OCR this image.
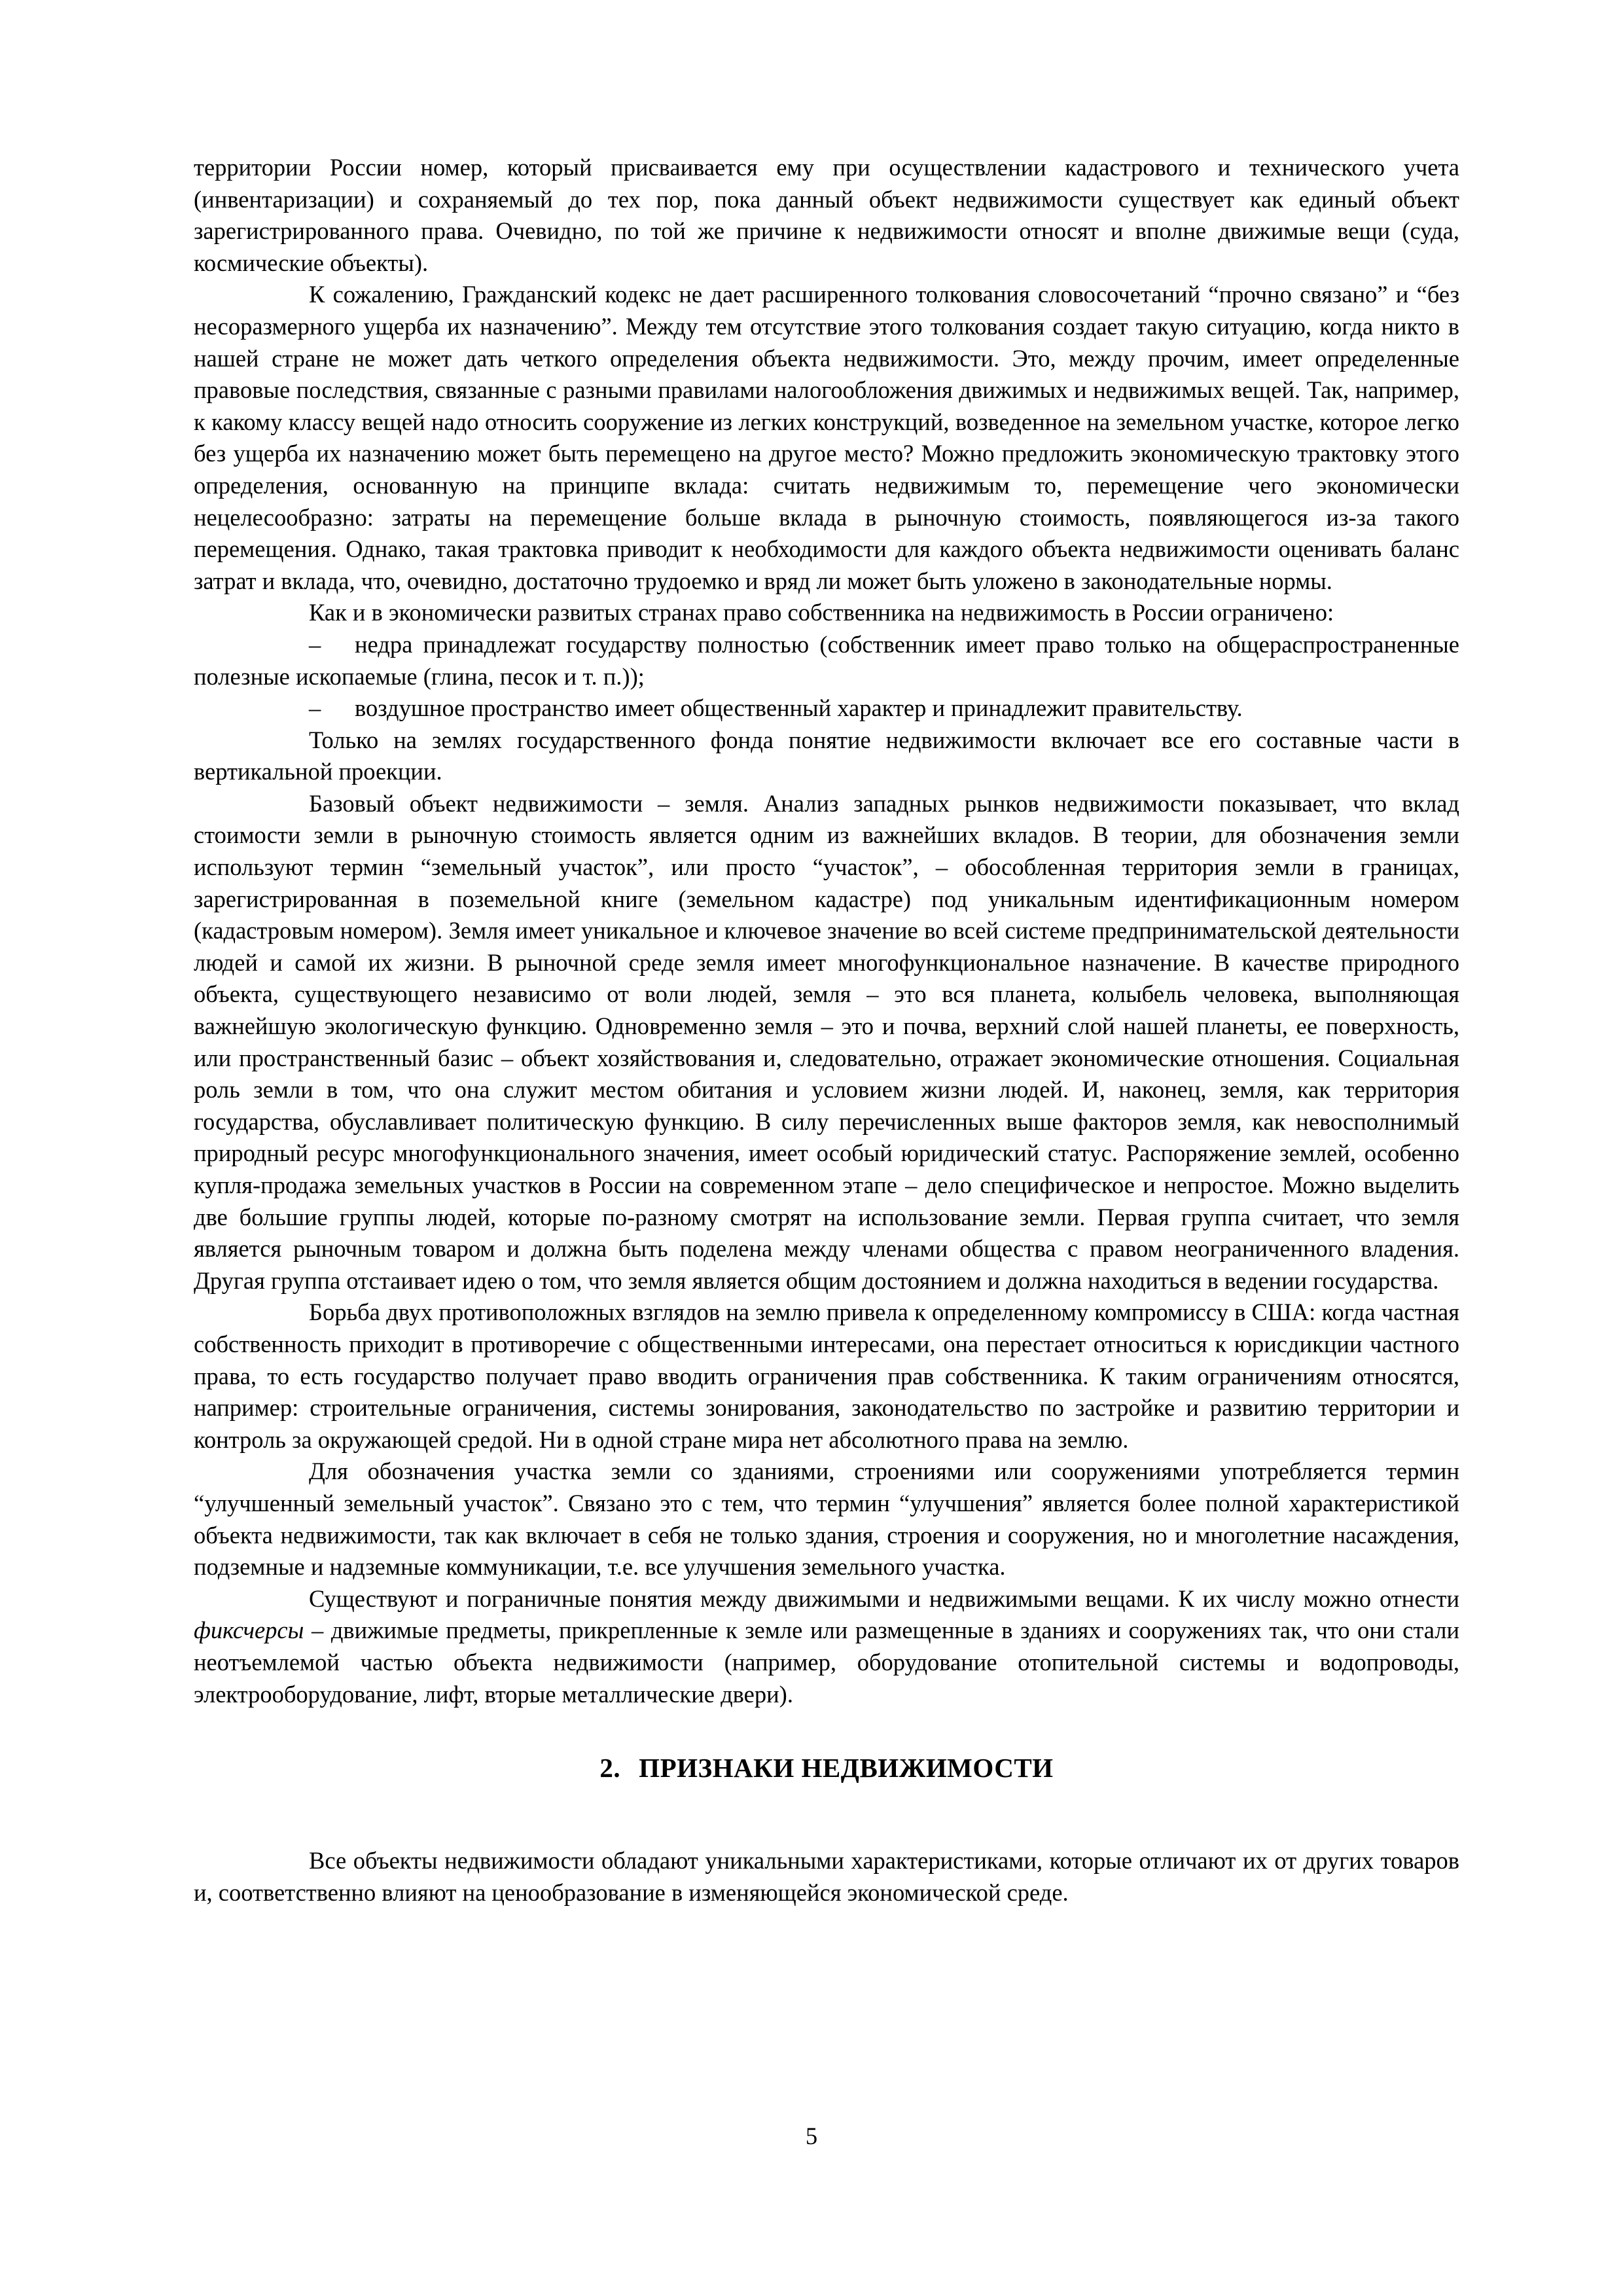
территории России номер, который присваивается ему при осуществлении кадастрового и технического учета (инвентаризации) и сохраняемый до тех пор, пока данный объект недвижимости существует как единый объект зарегистрированного права. Очевидно, по той же причине к недвижимости относят и вполне движимые вещи (суда, космические объекты).

К сожалению, Гражданский кодекс не дает расширенного толкования словосочетаний “прочно связано” и “без несоразмерного ущерба их назначению”. Между тем отсутствие этого толкования создает такую ситуацию, когда никто в нашей стране не может дать четкого определения объекта недвижимости. Это, между прочим, имеет определенные правовые последствия, связанные с разными правилами налогообложения движимых и недвижимых вещей. Так, например, к какому классу вещей надо относить сооружение из легких конструкций, возведенное на земельном участке, которое легко без ущерба их назначению может быть перемещено на другое место? Можно предложить экономическую трактовку этого определения, основанную на принципе вклада: считать недвижимым то, перемещение чего экономически нецелесообразно: затраты на перемещение больше вклада в рыночную стоимость, появляющегося из-за такого перемещения. Однако, такая трактовка приводит к необходимости для каждого объекта недвижимости оценивать баланс затрат и вклада, что, очевидно, достаточно трудоемко и вряд ли может быть уложено в законодательные нормы.

Как и в экономически развитых странах право собственника на недвижимость в России ограничено:

– недра принадлежат государству полностью (собственник имеет право только на общераспространенные полезные ископаемые (глина, песок и т. п.));

– воздушное пространство имеет общественный характер и принадлежит правительству.

Только на землях государственного фонда понятие недвижимости включает все его составные части в вертикальной проекции.

Базовый объект недвижимости – земля. Анализ западных рынков недвижимости показывает, что вклад стоимости земли в рыночную стоимость является одним из важнейших вкладов. В теории, для обозначения земли используют термин “земельный участок”, или просто “участок”, – обособленная территория земли в границах, зарегистрированная в поземельной книге (земельном кадастре) под уникальным идентификационным номером (кадастровым номером). Земля имеет уникальное и ключевое значение во всей системе предпринимательской деятельности людей и самой их жизни. В рыночной среде земля имеет многофункциональное назначение. В качестве природного объекта, существующего независимо от воли людей, земля – это вся планета, колыбель человека, выполняющая важнейшую экологическую функцию. Одновременно земля – это и почва, верхний слой нашей планеты, ее поверхность, или пространственный базис – объект хозяйствования и, следовательно, отражает экономические отношения. Социальная роль земли в том, что она служит местом обитания и условием жизни людей. И, наконец, земля, как территория государства, обуславливает политическую функцию. В силу перечисленных выше факторов земля, как невосполнимый природный ресурс многофункционального значения, имеет особый юридический статус. Распоряжение землей, особенно купля-продажа земельных участков в России на современном этапе – дело специфическое и непростое. Можно выделить две большие группы людей, которые по-разному смотрят на использование земли. Первая группа считает, что земля является рыночным товаром и должна быть поделена между членами общества с правом неограниченного владения. Другая группа отстаивает идею о том, что земля является общим достоянием и должна находиться в ведении государства.

Борьба двух противоположных взглядов на землю привела к определенному компромиссу в США: когда частная собственность приходит в противоречие с общественными интересами, она перестает относиться к юрисдикции частного права, то есть государство получает право вводить ограничения прав собственника. К таким ограничениям относятся, например: строительные ограничения, системы зонирования, законодательство по застройке и развитию территории и контроль за окружающей средой. Ни в одной стране мира нет абсолютного права на землю.

Для обозначения участка земли со зданиями, строениями или сооружениями употребляется термин “улучшенный земельный участок”. Связано это с тем, что термин “улучшения” является более полной характеристикой объекта недвижимости, так как включает в себя не только здания, строения и сооружения, но и многолетние насаждения, подземные и надземные коммуникации, т.е. все улучшения земельного участка.

Существуют и пограничные понятия между движимыми и недвижимыми вещами. К их числу можно отнести фиксчерсы – движимые предметы, прикрепленные к земле или размещенные в зданиях и сооружениях так, что они стали неотъемлемой частью объекта недвижимости (например, оборудование отопительной системы и водопроводы, электрооборудование, лифт, вторые металлические двери).

2. ПРИЗНАКИ НЕДВИЖИМОСТИ

Все объекты недвижимости обладают уникальными характеристиками, которые отличают их от других товаров и, соответственно влияют на ценообразование в изменяющейся экономической среде.

5
